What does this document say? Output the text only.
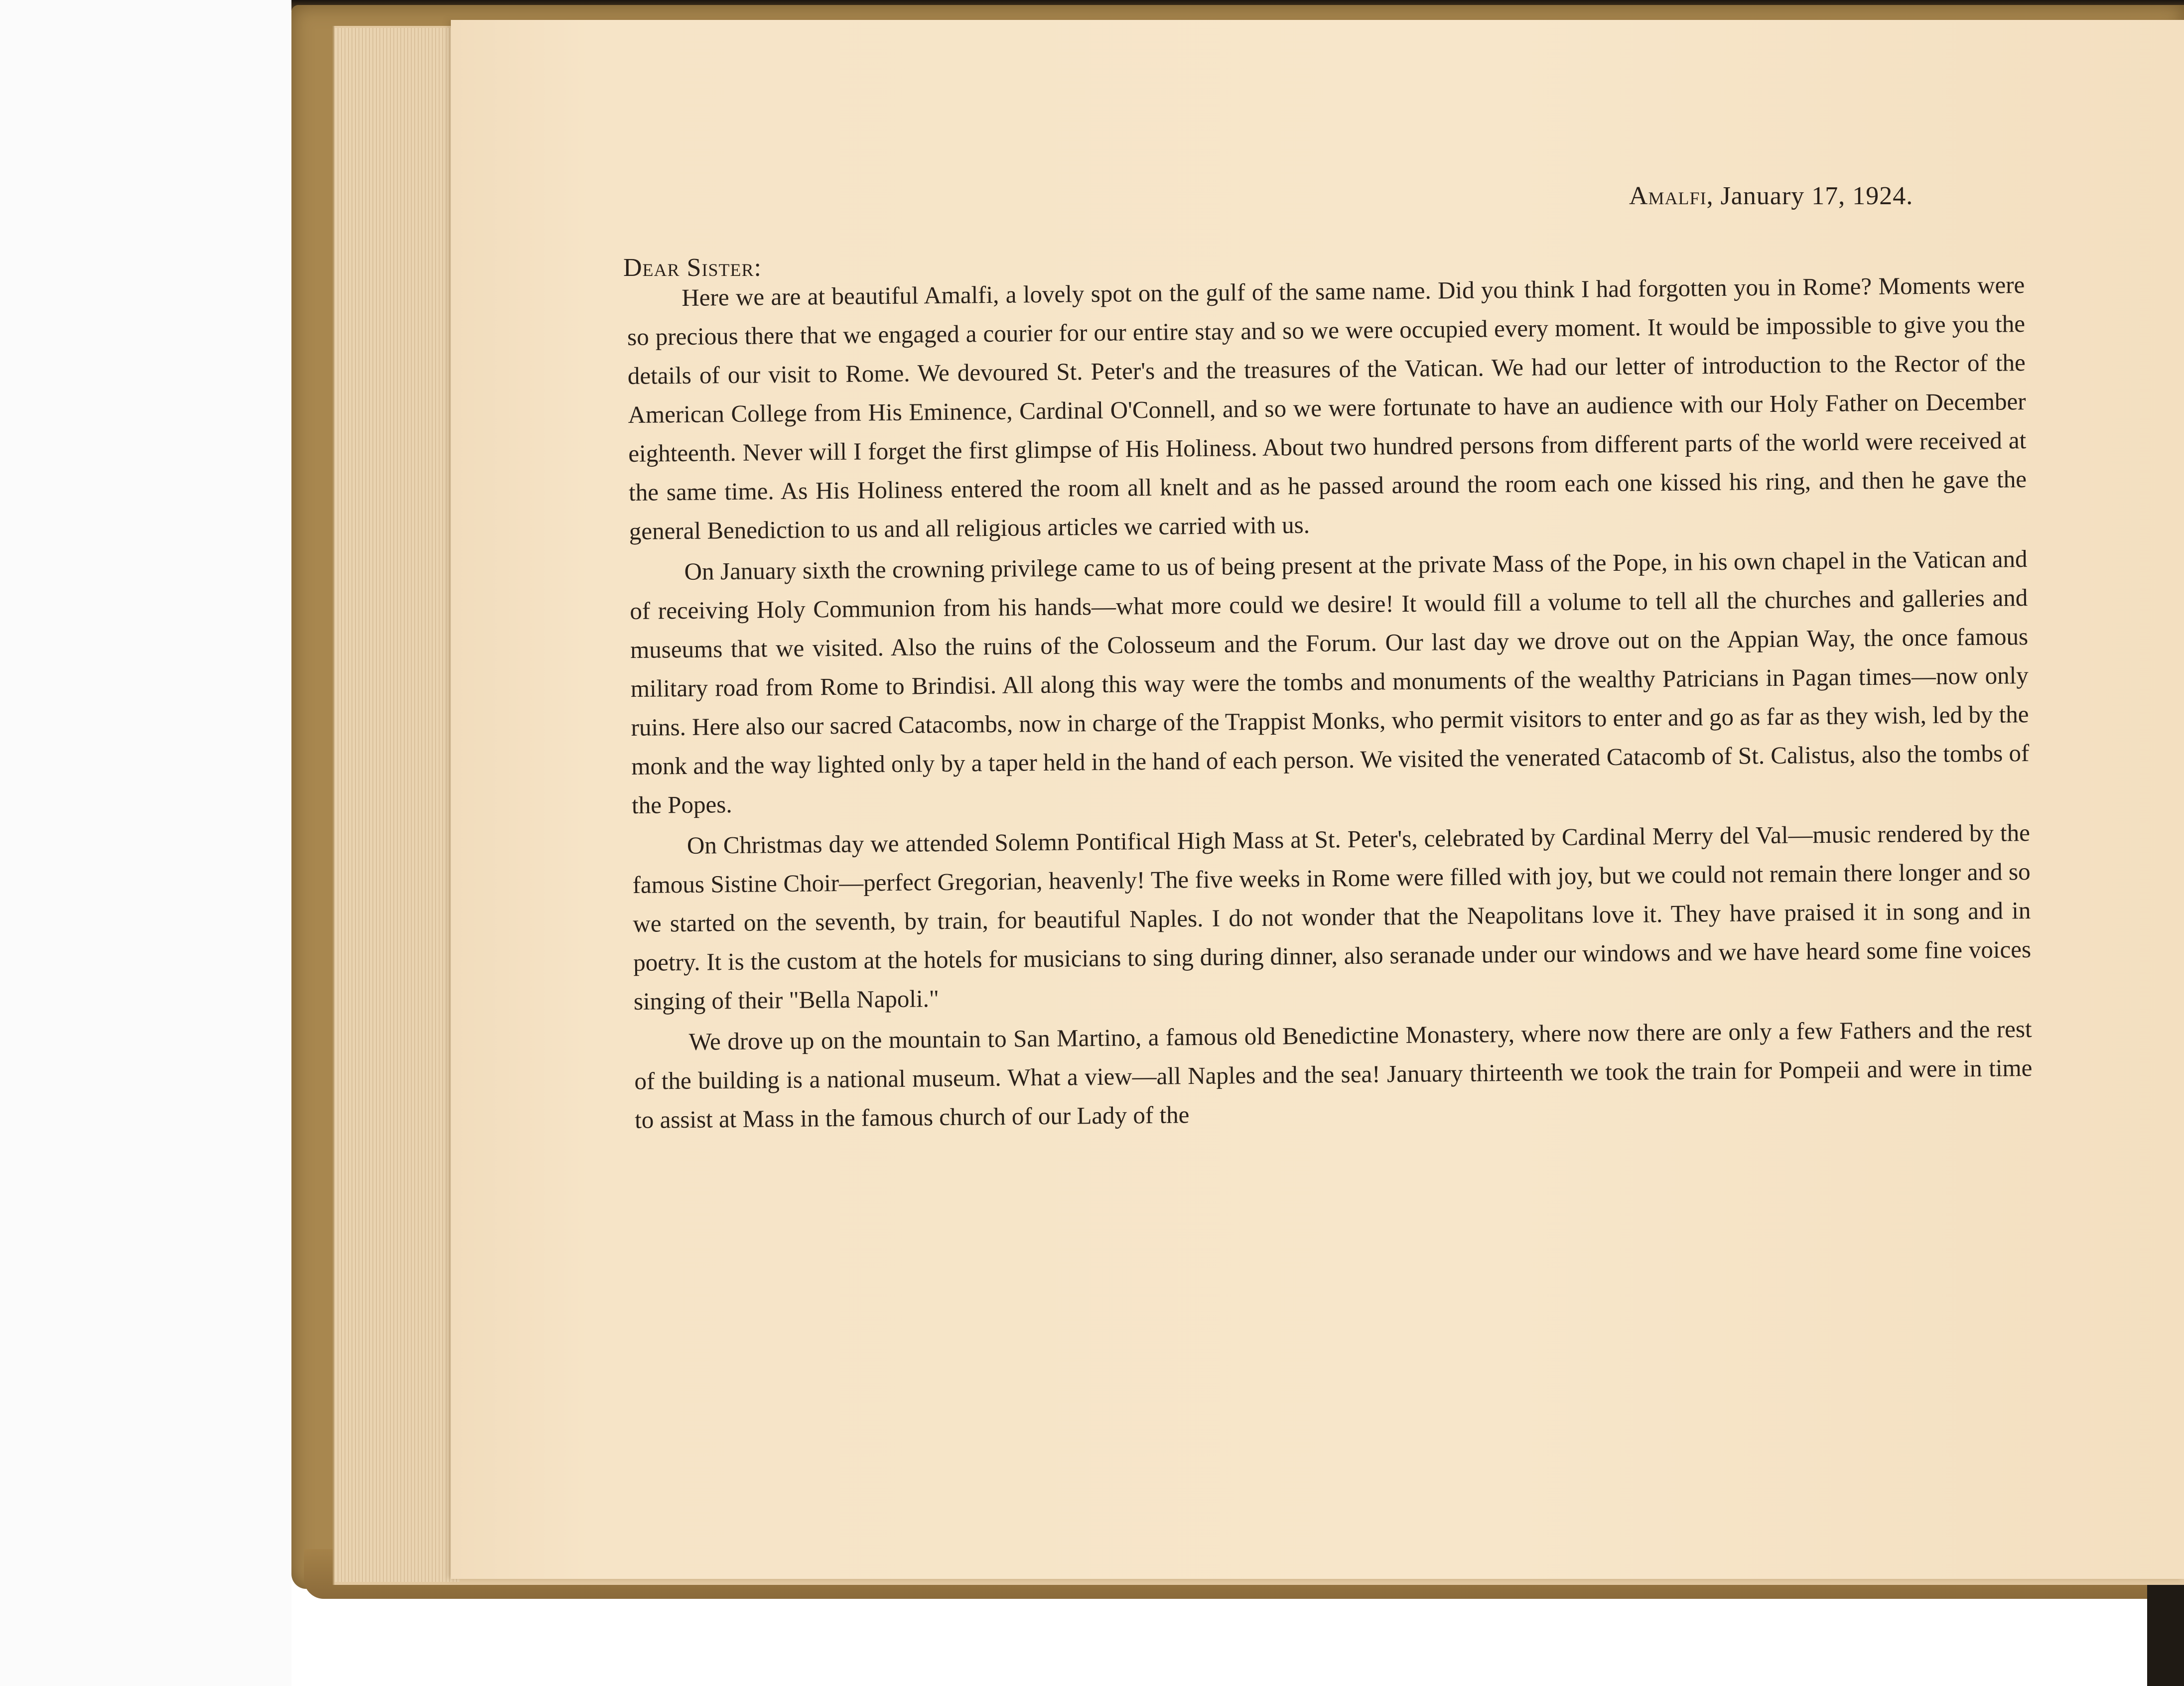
Amalfi, January 17, 1924.
Dear Sister:

Here we are at beautiful Amalfi, a lovely spot on the gulf of the same name. Did you think I had forgotten you in Rome? Moments were so precious there that we engaged a courier for our entire stay and so we were occupied every moment. It would be impossible to give you the details of our visit to Rome. We devoured St. Peter's and the treasures of the Vatican. We had our letter of introduction to the Rector of the American College from His Eminence, Cardinal O'Connell, and so we were fortunate to have an audience with our Holy Father on December eighteenth. Never will I forget the first glimpse of His Holiness. About two hundred persons from different parts of the world were received at the same time. As His Holiness entered the room all knelt and as he passed around the room each one kissed his ring, and then he gave the general Benediction to us and all religious articles we carried with us.

On January sixth the crowning privilege came to us of being present at the private Mass of the Pope, in his own chapel in the Vatican and of receiving Holy Communion from his hands—what more could we desire! It would fill a volume to tell all the churches and galleries and museums that we visited. Also the ruins of the Colosseum and the Forum. Our last day we drove out on the Appian Way, the once famous military road from Rome to Brindisi. All along this way were the tombs and monuments of the wealthy Patricians in Pagan times—now only ruins. Here also our sacred Catacombs, now in charge of the Trappist Monks, who permit visitors to enter and go as far as they wish, led by the monk and the way lighted only by a taper held in the hand of each person. We visited the venerated Catacomb of St. Calistus, also the tombs of the Popes.

On Christmas day we attended Solemn Pontifical High Mass at St. Peter's, celebrated by Cardinal Merry del Val—music rendered by the famous Sistine Choir—perfect Gregorian, heavenly! The five weeks in Rome were filled with joy, but we could not remain there longer and so we started on the seventh, by train, for beautiful Naples. I do not wonder that the Neapolitans love it. They have praised it in song and in poetry. It is the custom at the hotels for musicians to sing during dinner, also seranade under our windows and we have heard some fine voices singing of their "Bella Napoli."

We drove up on the mountain to San Martino, a famous old Benedictine Monastery, where now there are only a few Fathers and the rest of the building is a national museum. What a view—all Naples and the sea! January thirteenth we took the train for Pompeii and were in time to assist at Mass in the famous church of our Lady of the
